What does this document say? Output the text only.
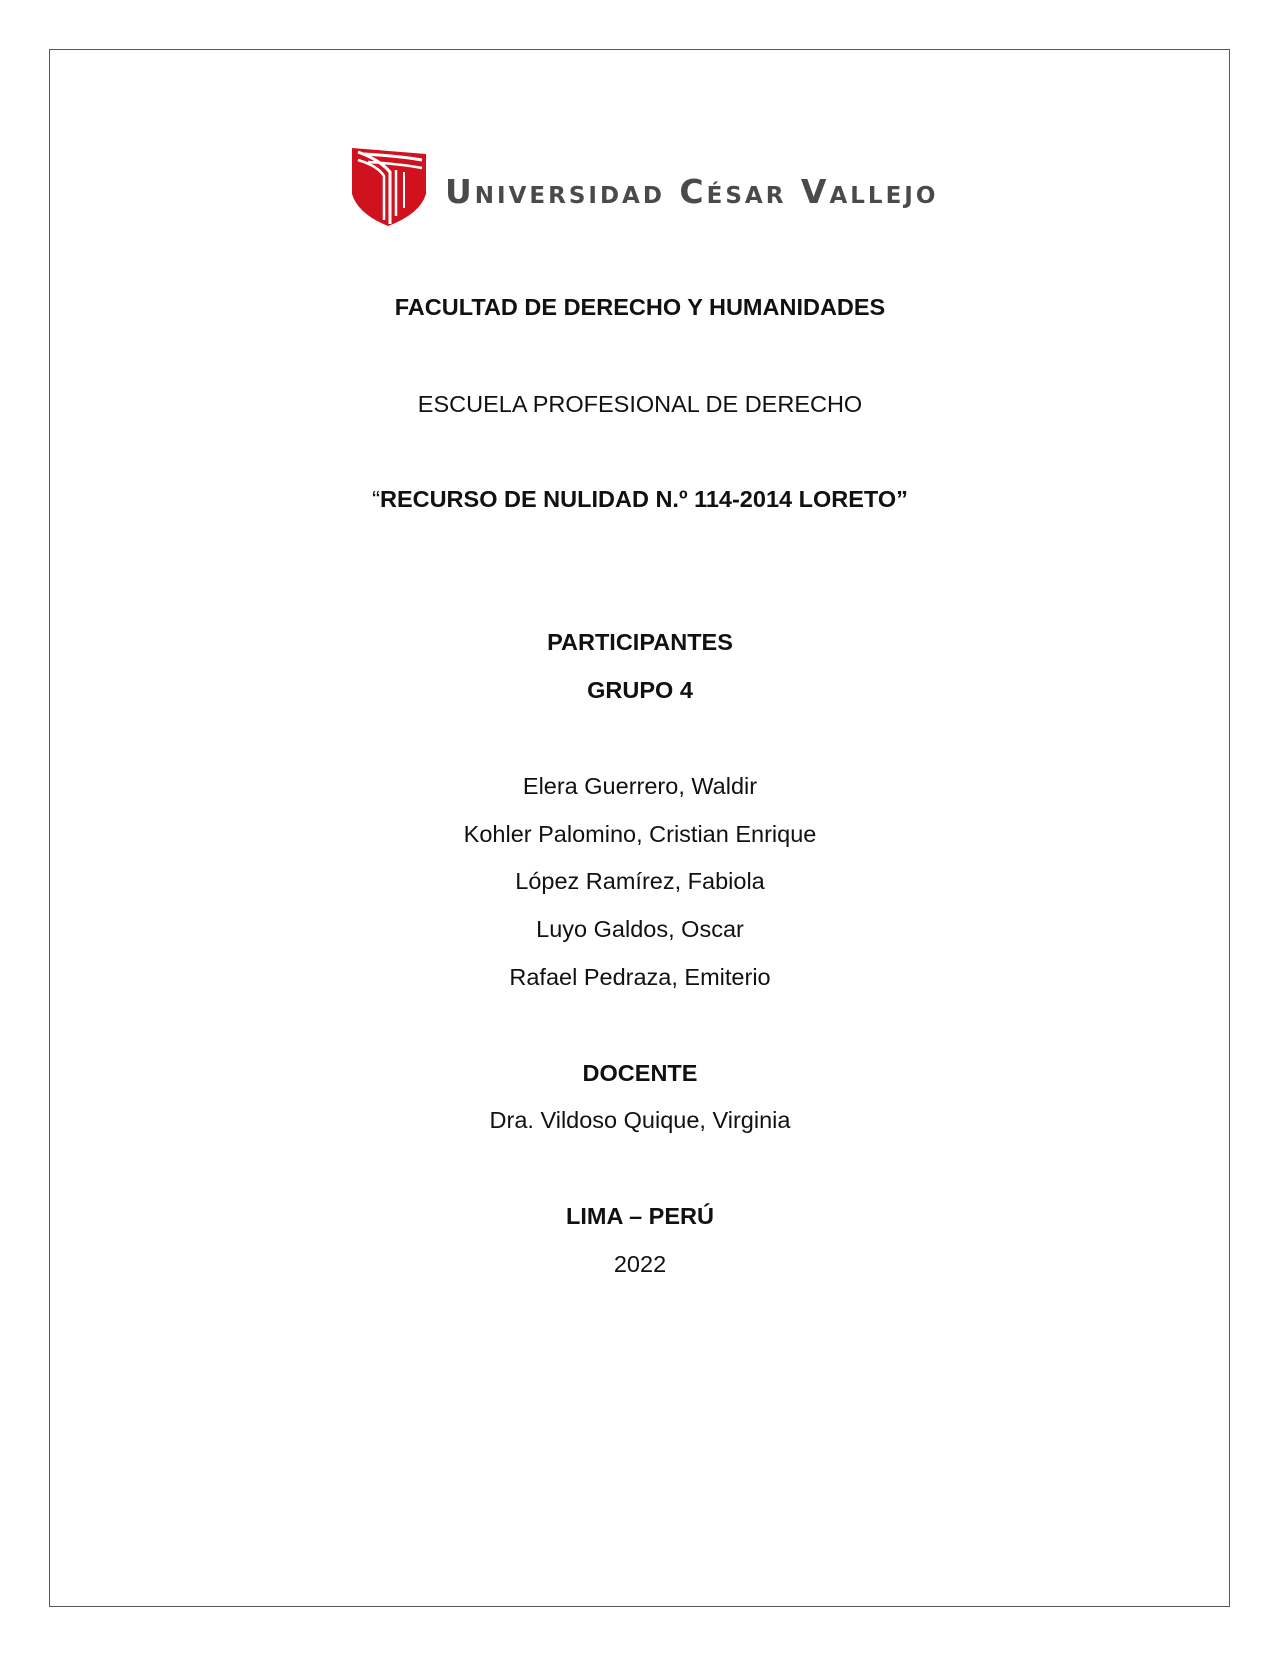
Universidad César Vallejo
FACULTAD DE DERECHO Y HUMANIDADES
ESCUELA PROFESIONAL DE DERECHO
“RECURSO DE NULIDAD N.º 114-2014 LORETO”
PARTICIPANTES
GRUPO 4
Elera Guerrero, Waldir
Kohler Palomino, Cristian Enrique
López Ramírez, Fabiola
Luyo Galdos, Oscar
Rafael Pedraza, Emiterio
DOCENTE
Dra. Vildoso Quique, Virginia
LIMA – PERÚ
2022
